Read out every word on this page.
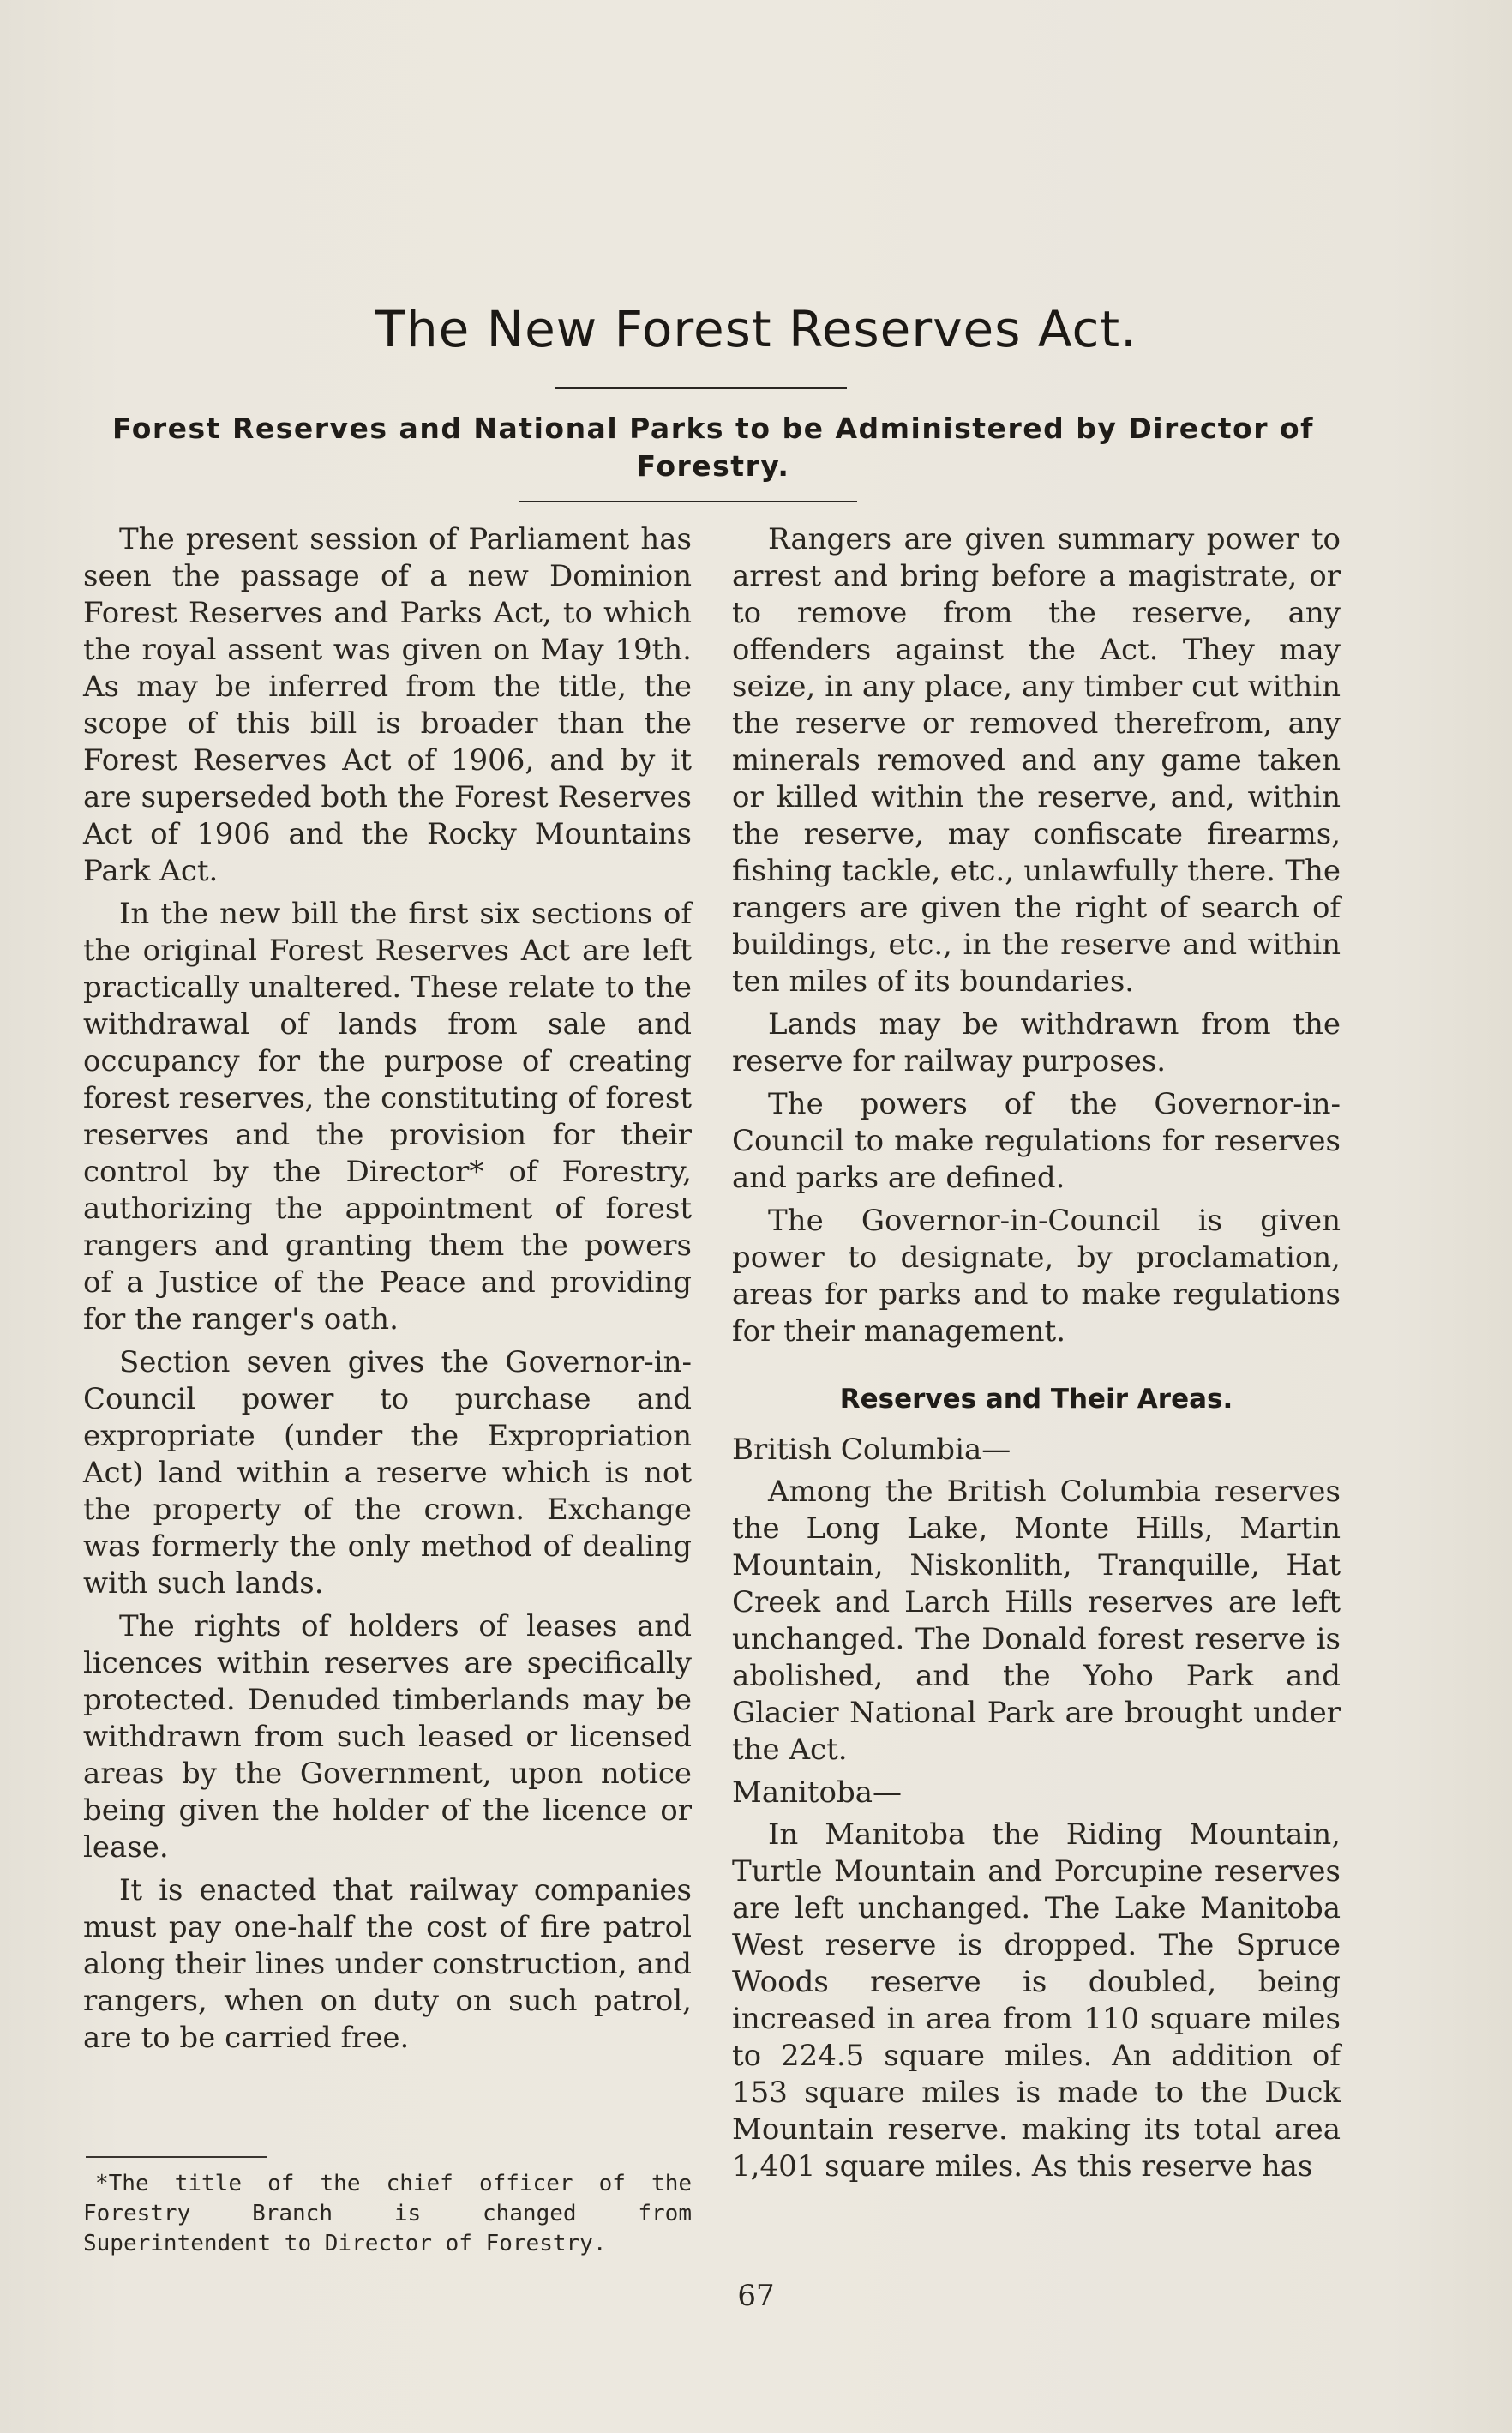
The New Forest Reserves Act.
Forest Reserves and National Parks to be Administered by Director of Forestry.

The present session of Parliament has seen the passage of a new Dominion Forest Reserves and Parks Act, to which the royal assent was given on May 19th. As may be inferred from the title, the scope of this bill is broader than the Forest Reserves Act of 1906, and by it are superseded both the Forest Reserves Act of 1906 and the Rocky Mountains Park Act.

In the new bill the first six sections of the original Forest Reserves Act are left practically unaltered. These relate to the withdrawal of lands from sale and occupancy for the purpose of creating forest reserves, the constituting of forest reserves and the provision for their control by the Director* of Forestry, authorizing the appointment of forest rangers and granting them the powers of a Justice of the Peace and providing for the ranger's oath.

Section seven gives the Governor-in-Council power to purchase and expropriate (under the Expropriation Act) land within a reserve which is not the property of the crown. Exchange was formerly the only method of dealing with such lands.

The rights of holders of leases and licences within reserves are specifically protected. Denuded timberlands may be withdrawn from such leased or licensed areas by the Government, upon notice being given the holder of the licence or lease.

It is enacted that railway companies must pay one-half the cost of fire patrol along their lines under construction, and rangers, when on duty on such patrol, are to be carried free.

*The title of the chief officer of the Forestry Branch is changed from Superintendent to Director of Forestry.

Rangers are given summary power to arrest and bring before a magistrate, or to remove from the reserve, any offenders against the Act. They may seize, in any place, any timber cut within the reserve or removed therefrom, any minerals removed and any game taken or killed within the reserve, and, within the reserve, may confiscate firearms, fishing tackle, etc., unlawfully there. The rangers are given the right of search of buildings, etc., in the reserve and within ten miles of its boundaries.

Lands may be withdrawn from the reserve for railway purposes.

The powers of the Governor-in-Council to make regulations for reserves and parks are defined.

The Governor-in-Council is given power to designate, by proclamation, areas for parks and to make regulations for their management.

Reserves and Their Areas.

British Columbia—

Among the British Columbia reserves the Long Lake, Monte Hills, Martin Mountain, Niskonlith, Tranquille, Hat Creek and Larch Hills reserves are left unchanged. The Donald forest reserve is abolished, and the Yoho Park and Glacier National Park are brought under the Act.

Manitoba—

In Manitoba the Riding Mountain, Turtle Mountain and Porcupine reserves are left unchanged. The Lake Manitoba West reserve is dropped. The Spruce Woods reserve is doubled, being increased in area from 110 square miles to 224.5 square miles. An addition of 153 square miles is made to the Duck Mountain reserve. making its total area 1,401 square miles. As this reserve has

67
